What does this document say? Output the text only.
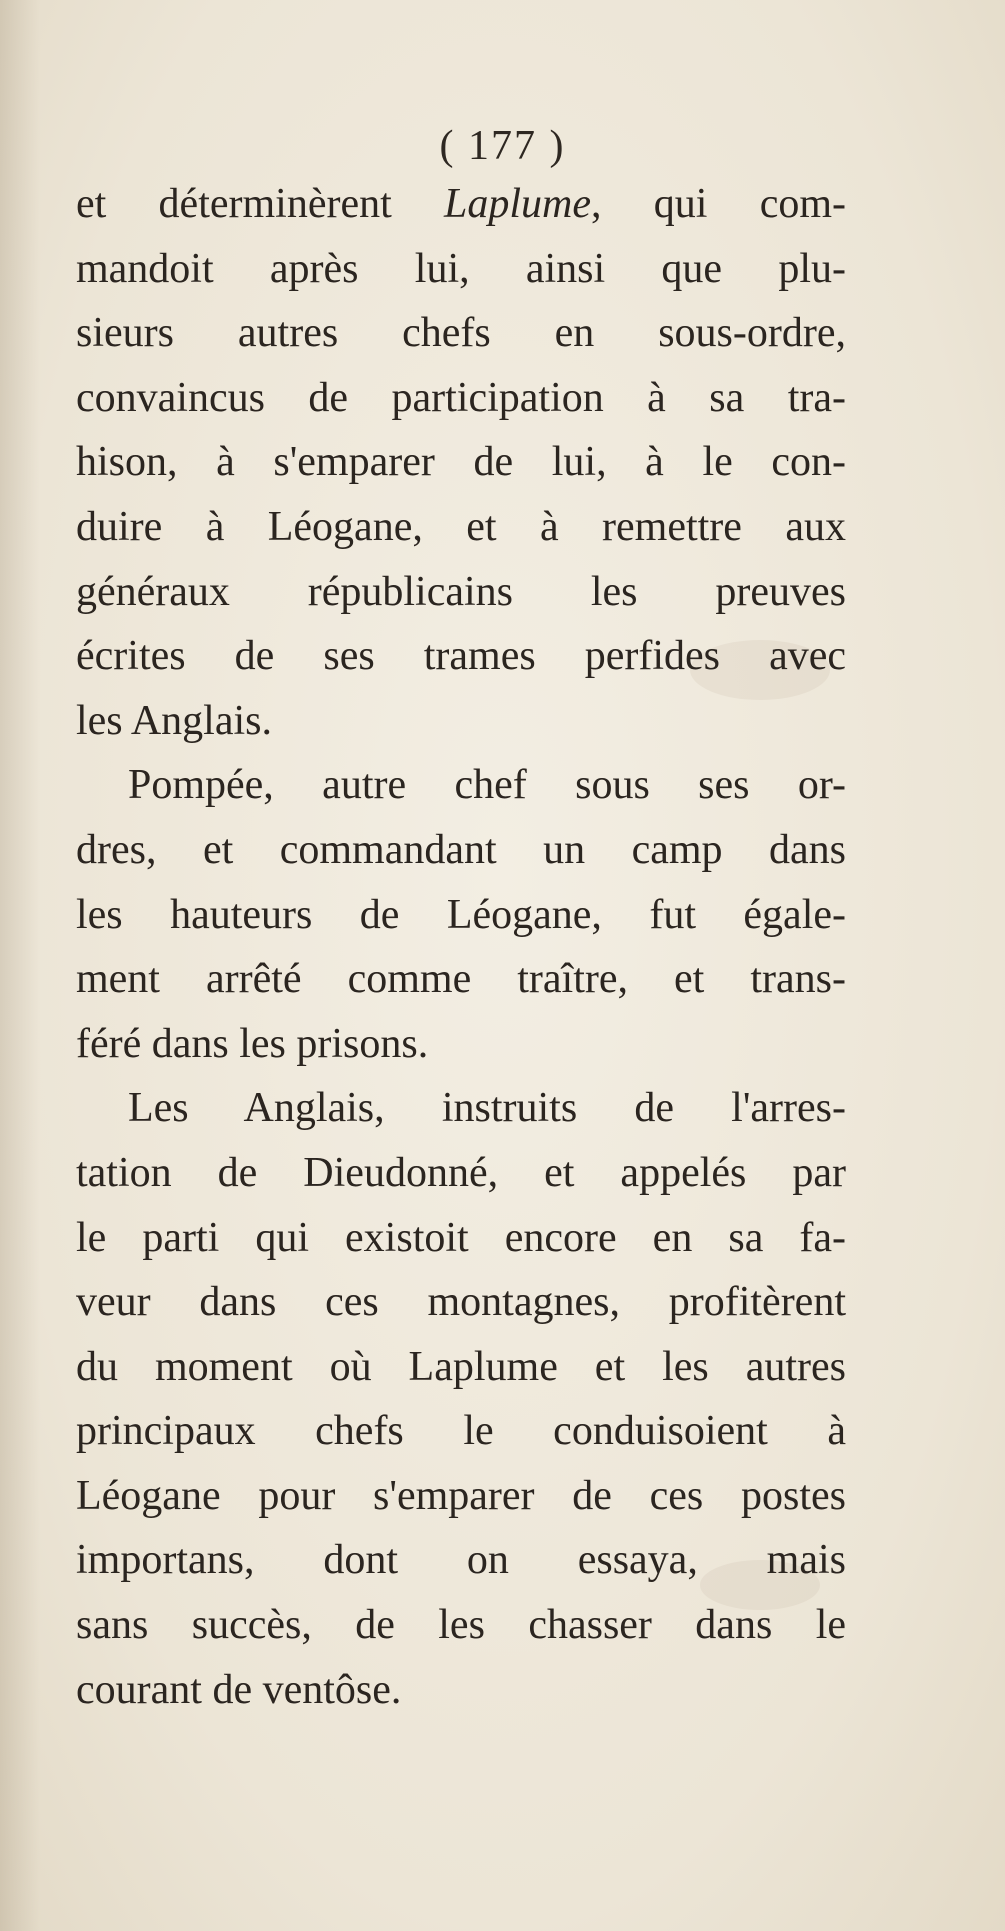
( 177 )
et déterminèrent Laplume, qui com-
mandoit après lui, ainsi que plu-
sieurs autres chefs en sous-ordre,
convaincus de participation à sa tra-
hison, à s'emparer de lui, à le con-
duire à Léogane, et à remettre aux
généraux républicains les preuves
écrites de ses trames perfides avec
les Anglais.
Pompée, autre chef sous ses or-
dres, et commandant un camp dans
les hauteurs de Léogane, fut égale-
ment arrêté comme traître, et trans-
féré dans les prisons.
Les Anglais, instruits de l'arres-
tation de Dieudonné, et appelés par
le parti qui existoit encore en sa fa-
veur dans ces montagnes, profitèrent
du moment où Laplume et les autres
principaux chefs le conduisoient à
Léogane pour s'emparer de ces postes
importans, dont on essaya, mais
sans succès, de les chasser dans le
courant de ventôse.
